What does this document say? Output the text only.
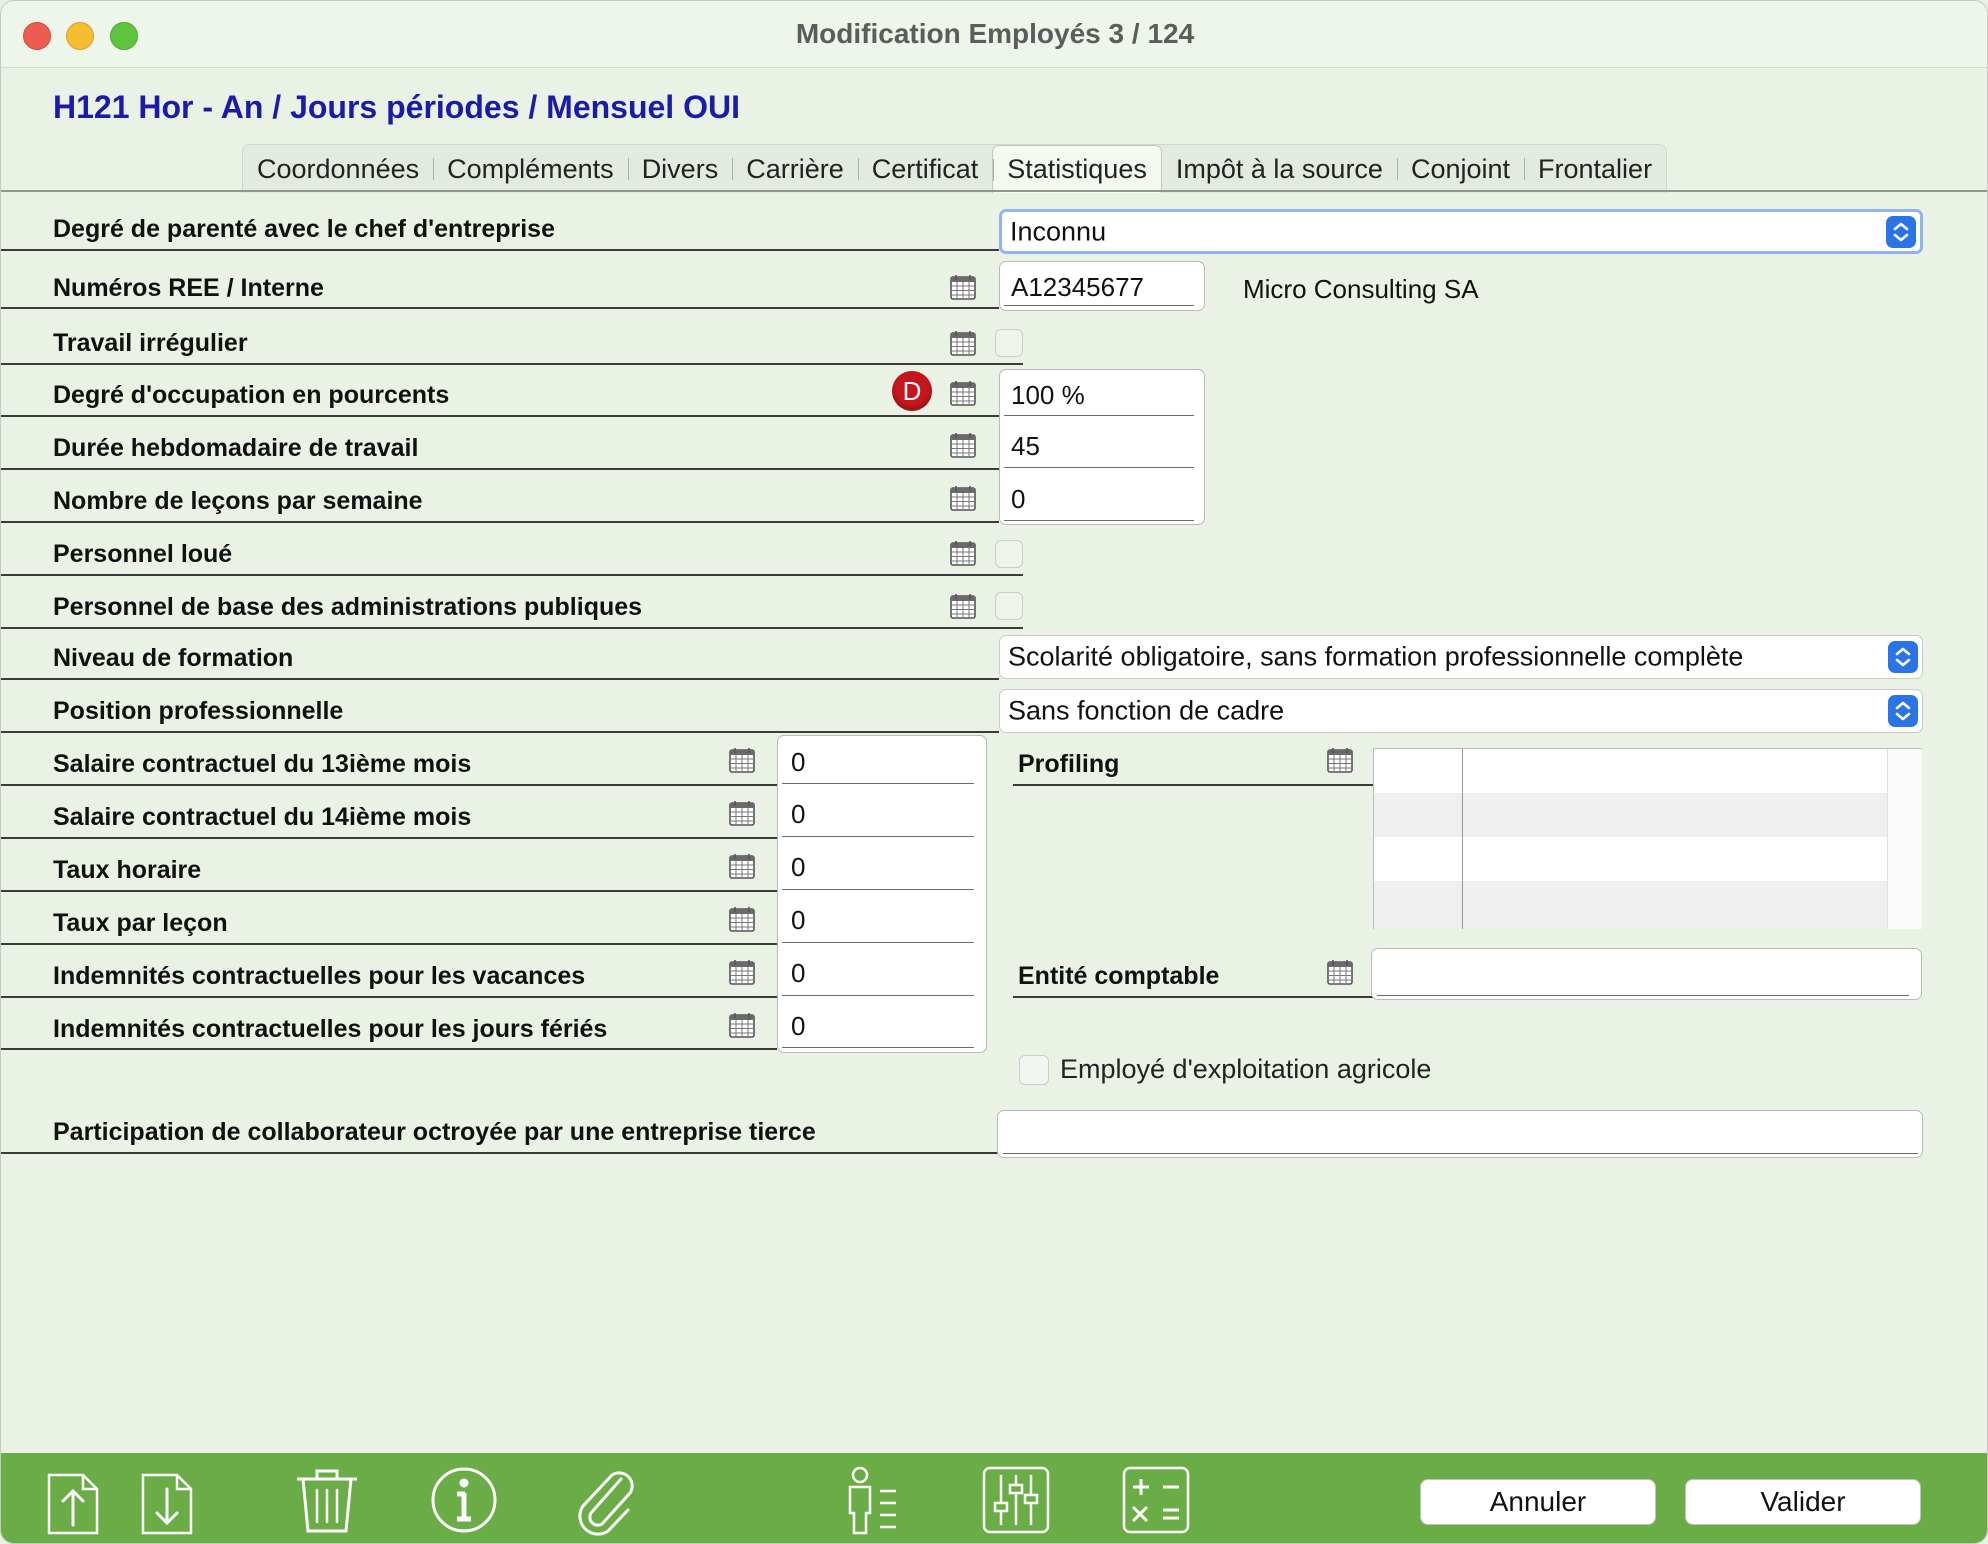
Modification Employés 3 / 124
H121 Hor - An / Jours périodes / Mensuel OUI
Coordonnées	Compléments	Divers	Carrière	Certificat	Statistiques	Impôt à la source	Conjoint	Frontalier
Degré de parenté avec le chef d'entreprise	Inconnu
Numéros REE / Interne	A12345677	Micro Consulting SA
Travail irrégulier
Degré d'occupation en pourcents	D	100 %
Durée hebdomadaire de travail	45
Nombre de leçons par semaine	0
Personnel loué
Personnel de base des administrations publiques
Niveau de formation	Scolarité obligatoire, sans formation professionnelle complète
Position professionnelle	Sans fonction de cadre
Salaire contractuel du 13ième mois	0
Salaire contractuel du 14ième mois	0
Taux horaire	0
Taux par leçon	0
Indemnités contractuelles pour les vacances	0
Indemnités contractuelles pour les jours fériés	0
Profiling
Entité comptable
Employé d'exploitation agricole
Participation de collaborateur octroyée par une entreprise tierce
Annuler	Valider
